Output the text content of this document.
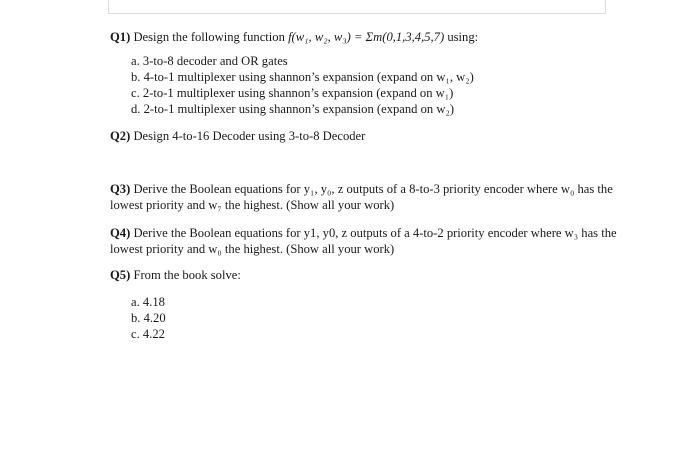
Q1) Design the following function f(w₁, w₂, w₃) = Σm(0,1,3,4,5,7) using:
a. 3-to-8 decoder and OR gates
b. 4-to-1 multiplexer using shannon’s expansion (expand on w₁, w₂)
c. 2-to-1 multiplexer using shannon’s expansion (expand on w₁)
d. 2-to-1 multiplexer using shannon’s expansion (expand on w₂)
Q2) Design 4-to-16 Decoder using 3-to-8 Decoder
Q3) Derive the Boolean equations for y₁, y₀, z outputs of a 8-to-3 priority encoder where w₀ has the lowest priority and w₇ the highest. (Show all your work)
Q4) Derive the Boolean equations for y1, y0, z outputs of a 4-to-2 priority encoder where w₃ has the lowest priority and w₀ the highest. (Show all your work)
Q5) From the book solve:
a. 4.18
b. 4.20
c. 4.22
